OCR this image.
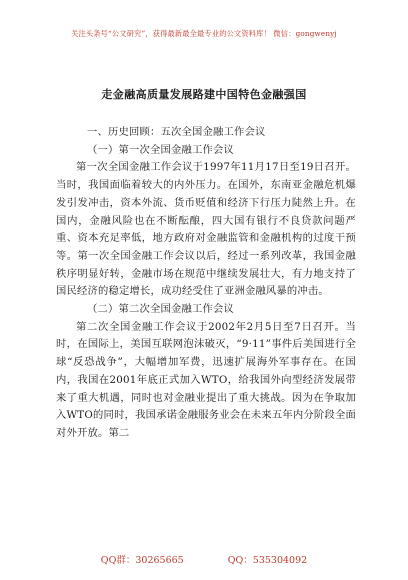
关注头条号“公文研究”，获得最新最全最专业的公文资料库！ 微信：gongwenyj
走金融高质量发展路建中国特色金融强国
一、历史回顾：五次全国金融工作会议
（一）第一次全国金融工作会议

第一次全国金融工作会议于1997年11月17日至19日召开。当时，我国面临着较大的内外压力。在国外，东南亚金融危机爆发引发冲击，资本外流、货币贬值和经济下行压力陡然上升。在国内，金融风险也在不断酝酿，四大国有银行不良贷款问题严重、资本充足率低，地方政府对金融监管和金融机构的过度干预等。第一次全国金融工作会议以后，经过一系列改革，我国金融秩序明显好转，金融市场在规范中继续发展壮大，有力地支持了国民经济的稳定增长，成功经受住了亚洲金融风暴的冲击。

（二）第二次全国金融工作会议

第二次全国金融工作会议于2002年2月5日至7日召开。当时，在国际上，美国互联网泡沫破灭，“9·11”事件后美国进行全球“反恐战争”，大幅增加军费，迅速扩展海外军事存在。在国内，我国在2001年底正式加入WTO，给我国外向型经济发展带来了重大机遇，同时也对金融业提出了重大挑战。因为在争取加入WTO的同时，我国承诺金融服务业会在未来五年内分阶段全面对外开放。第二

QQ群：30265665	QQ：535304092
